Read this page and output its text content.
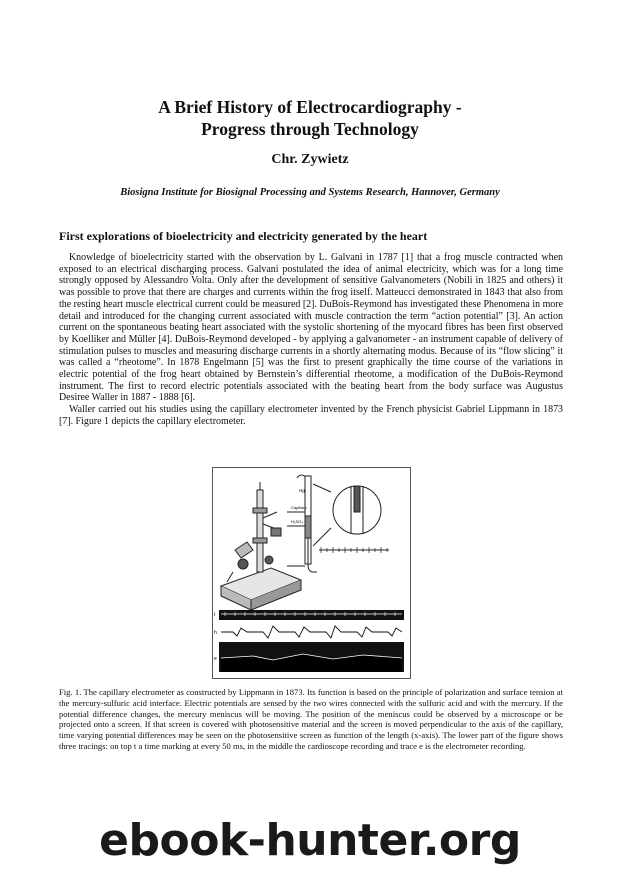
A Brief History of Electrocardiography -
Progress through Technology
Chr. Zywietz
Biosigna Institute for Biosignal Processing and Systems Research, Hannover, Germany
First explorations of bioelectricity and electricity generated by the heart

Knowledge of bioelectricity started with the observation by L. Galvani in 1787 [1] that a frog muscle contracted when exposed to an electrical discharging process. Galvani postulated the idea of animal electricity, which was for a long time strongly opposed by Alessandro Volta. Only after the development of sensitive Galvanometers (Nobili in 1825 and others) it was possible to prove that there are charges and currents within the frog itself. Matteucci demonstrated in 1843 that also from the resting heart muscle electrical current could be measured [2]. DuBois-Reymond has investigated these Phenomena in more detail and introduced for the changing current associated with muscle contraction the term “action potential” [3]. An action current on the spontaneous beating heart associated with the systolic shortening of the myocard fibres has been first observed by Koelliker and Müller [4]. DuBois-Reymond developed - by applying a galvanometer - an instrument capable of delivery of stimulation pulses to muscles and measuring discharge currents in a shortly alternating modus. Because of its “flow slicing” it was called a “rheotome”. In 1878 Engelmann [5] was the first to present graphically the time course of the variations in electric potential of the frog heart obtained by Bernstein’s differential rheotome, a modification of the DuBois-Reymond instrument. The first to record electric potentials associated with the beating heart from the body surface was Augustus Desiree Waller in 1887 - 1888 [6].

Waller carried out his studies using the capillary electrometer invented by the French physicist Gabriel Lippmann in 1873 [7]. Figure 1 depicts the capillary electrometer.

Hg
Capillary
H₂SO₄
t
h
e
Fig. 1. The capillary electrometer as constructed by Lippmann in 1873. Its function is based on the principle of polarization and surface tension at the mercury-sulfuric acid interface. Electric potentials are sensed by the two wires connected with the sulfuric acid and with the mercury. If the potential difference changes, the mercury meniscus will be moving. The position of the meniscus could be observed by a microscope or be projected onto a screen. If that screen is covered with photosensitive material and the screen is moved perpendicular to the axis of the capillary, time varying potential differences may be seen on the photosensitive screen as function of the length (x-axis). The lower part of the figure shows three tracings: on top t a time marking at every 50 ms, in the middle the cardioscope recording and trace e is the electrometer recording.
ebook-hunter.org
